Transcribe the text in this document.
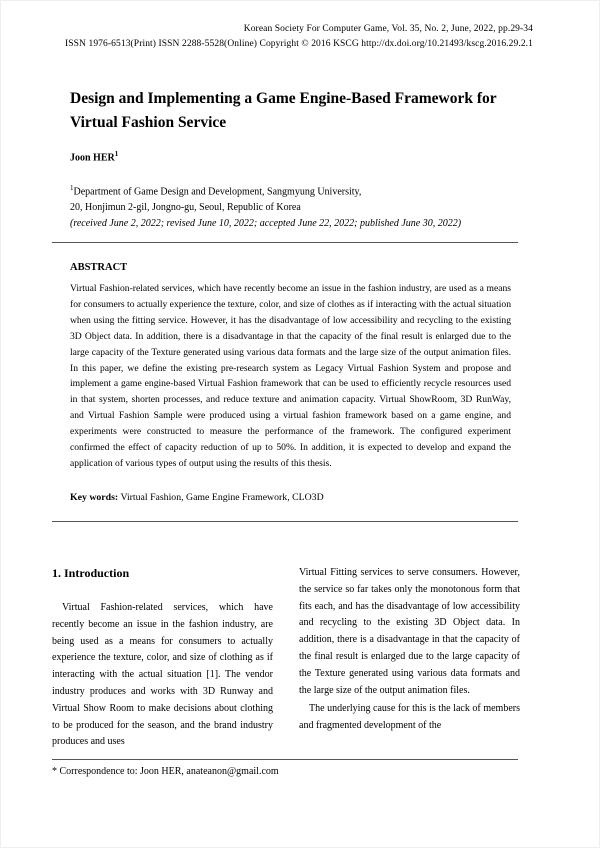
Korean Society For Computer Game, Vol. 35, No. 2, June, 2022, pp.29-34
ISSN 1976-6513(Print) ISSN 2288-5528(Online) Copyright © 2016 KSCG http://dx.doi.org/10.21493/kscg.2016.29.2.1
Design and Implementing a Game Engine-Based Framework for
Virtual Fashion Service
Joon HER$^1$
$^1$Department of Game Design and Development, Sangmyung University,
20, Honjimun 2-gil, Jongno-gu, Seoul, Republic of Korea
(received June 2, 2022; revised June 10, 2022; accepted June 22, 2022; published June 30, 2022)
ABSTRACT

Virtual Fashion-related services, which have recently become an issue in the fashion industry, are used as a means for consumers to actually experience the texture, color, and size of clothes as if interacting with the actual situation when using the fitting service. However, it has the disadvantage of low accessibility and recycling to the existing 3D Object data. In addition, there is a disadvantage in that the capacity of the final result is enlarged due to the large capacity of the Texture generated using various data formats and the large size of the output animation files. In this paper, we define the existing pre-research system as Legacy Virtual Fashion System and propose and implement a game engine-based Virtual Fashion framework that can be used to efficiently recycle resources used in that system, shorten processes, and reduce texture and animation capacity. Virtual ShowRoom, 3D RunWay, and Virtual Fashion Sample were produced using a virtual fashion framework based on a game engine, and experiments were constructed to measure the performance of the framework. The configured experiment confirmed the effect of capacity reduction of up to 50%. In addition, it is expected to develop and expand the application of various types of output using the results of this thesis.

Key words: Virtual Fashion, Game Engine Framework, CLO3D
1. Introduction

Virtual Fashion-related services, which have recently become an issue in the fashion industry, are being used as a means for consumers to actually experience the texture, color, and size of clothing as if interacting with the actual situation [1]. The vendor industry produces and works with 3D Runway and Virtual Show Room to make decisions about clothing to be produced for the season, and the brand industry produces and uses

Virtual Fitting services to serve consumers. However, the service so far takes only the monotonous form that fits each, and has the disadvantage of low accessibility and recycling to the existing 3D Object data. In addition, there is a disadvantage in that the capacity of the final result is enlarged due to the large capacity of the Texture generated using various data formats and the large size of the output animation files.

The underlying cause for this is the lack of members and fragmented development of the

* Correspondence to: Joon HER, anateanon@gmail.com
